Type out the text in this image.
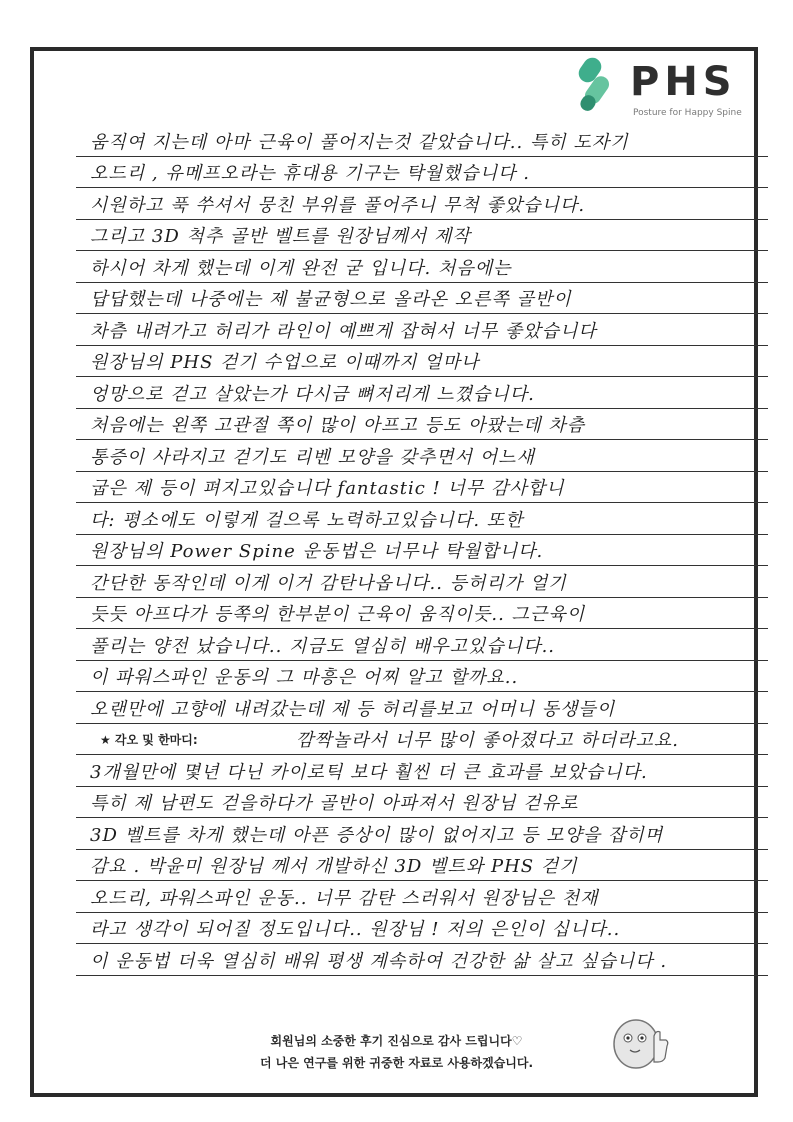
PHS
Posture for Happy Spine
움직여 지는데 아마 근육이 풀어지는것 같았습니다.. 특히 도자기
오드리 , 유메프오라는 휴대용 기구는 탁월했습니다 .
시원하고 푹 쑤셔서 뭉친 부위를 풀어주니 무척 좋았습니다.
그리고 3D 척추 골반 벨트를 원장님께서 제작
하시어 차게 했는데 이게 완전 굳 입니다. 처음에는
답답했는데 나중에는 제 불균형으로 올라온 오른쪽 골반이
차츰 내려가고 허리가 라인이 예쁘게 잡혀서 너무 좋았습니다
원장님의 PHS 걷기 수업으로 이때까지 얼마나
엉망으로 걷고 살았는가 다시금 뼈저리게 느꼈습니다.
처음에는 왼쪽 고관절 쪽이 많이 아프고 등도 아팠는데 차츰
통증이 사라지고 걷기도 리벤 모양을 갖추면서 어느새
굽은 제 등이 펴지고있습니다 fantastic ! 너무 감사합니
다: 평소에도 이렇게 걸으록 노력하고있습니다. 또한
원장님의 Power Spine 운동법은 너무나 탁월합니다.
간단한 동작인데 이게 이거 감탄나옵니다.. 등허리가 얼기
듯듯 아프다가 등쪽의 한부분이 근육이 움직이듯.. 그근육이
풀리는 양전 났습니다.. 지금도 열심히 배우고있습니다..
이 파워스파인 운동의 그 마흥은 어찌 알고 할까요..
오랜만에 고향에 내려갔는데 제 등 허리를보고 어머니 동생들이
★ 각오 및 한마디:	깜짝놀라서 너무 많이 좋아졌다고 하더라고요.
3개월만에 몇년 다닌 카이로틱 보다 훨씬 더 큰 효과를 보았습니다.
특히 제 남편도 걷을하다가 골반이 아파져서 원장님 걷유로
3D 벨트를 차게 했는데 아픈 증상이 많이 없어지고 등 모양을 잡히며
감요 . 박윤미 원장님 께서 개발하신 3D 벨트와 PHS 걷기
오드리, 파워스파인 운동.. 너무 감탄 스러워서 원장님은 천재
라고 생각이 되어질 정도입니다.. 원장님 ! 저의 은인이 십니다..
이 운동법 더욱 열심히 배워 평생 계속하여 건강한 삶 살고 싶습니다 .
회원님의 소중한 후기 진심으로 감사 드립니다♡
더 나은 연구를 위한 귀중한 자료로 사용하겠습니다.
